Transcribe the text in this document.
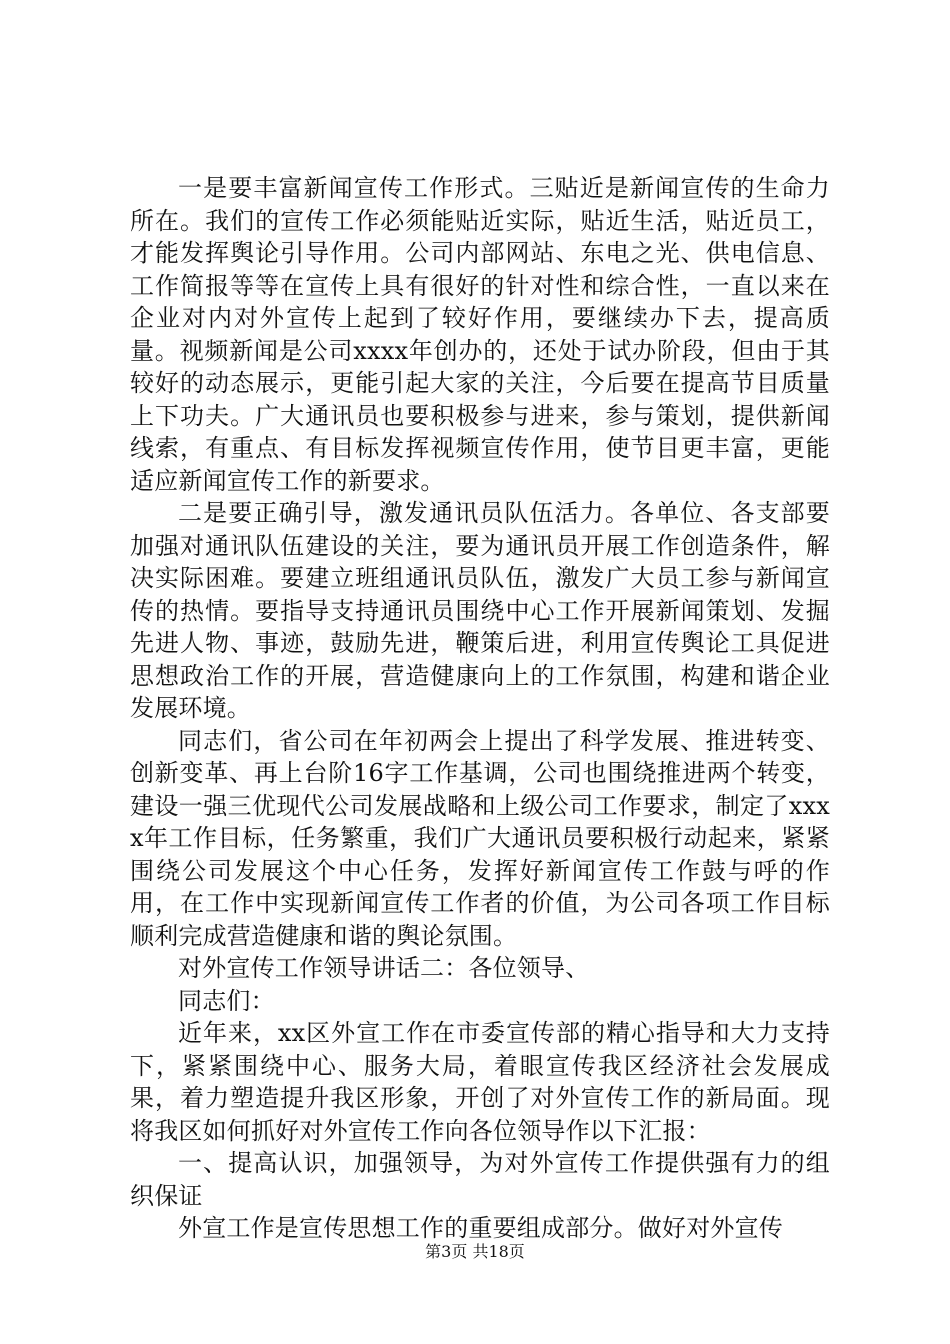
一是要丰富新闻宣传工作形式。三贴近是新闻宣传的生命力所在。我们的宣传工作必须能贴近实际，贴近生活，贴近员工，才能发挥舆论引导作用。公司内部网站、东电之光、供电信息、工作简报等等在宣传上具有很好的针对性和综合性，一直以来在企业对内对外宣传上起到了较好作用，要继续办下去，提高质量。视频新闻是公司xxxx年创办的，还处于试办阶段，但由于其较好的动态展示，更能引起大家的关注，今后要在提高节目质量上下功夫。广大通讯员也要积极参与进来，参与策划，提供新闻线索，有重点、有目标发挥视频宣传作用，使节目更丰富，更能适应新闻宣传工作的新要求。

二是要正确引导，激发通讯员队伍活力。各单位、各支部要加强对通讯队伍建设的关注，要为通讯员开展工作创造条件，解决实际困难。要建立班组通讯员队伍，激发广大员工参与新闻宣传的热情。要指导支持通讯员围绕中心工作开展新闻策划、发掘先进人物、事迹，鼓励先进，鞭策后进，利用宣传舆论工具促进思想政治工作的开展，营造健康向上的工作氛围，构建和谐企业发展环境。

同志们，省公司在年初两会上提出了科学发展、推进转变、创新变革、再上台阶16字工作基调，公司也围绕推进两个转变，建设一强三优现代公司发展战略和上级公司工作要求，制定了xxxx年工作目标，任务繁重，我们广大通讯员要积极行动起来，紧紧围绕公司发展这个中心任务，发挥好新闻宣传工作鼓与呼的作用，在工作中实现新闻宣传工作者的价值，为公司各项工作目标顺利完成营造健康和谐的舆论氛围。

对外宣传工作领导讲话二：各位领导、

同志们：

近年来，xx区外宣工作在市委宣传部的精心指导和大力支持下，紧紧围绕中心、服务大局，着眼宣传我区经济社会发展成果，着力塑造提升我区形象，开创了对外宣传工作的新局面。现将我区如何抓好对外宣传工作向各位领导作以下汇报：

一、提高认识，加强领导，为对外宣传工作提供强有力的组织保证

外宣工作是宣传思想工作的重要组成部分。做好对外宣传

第3页 共18页
